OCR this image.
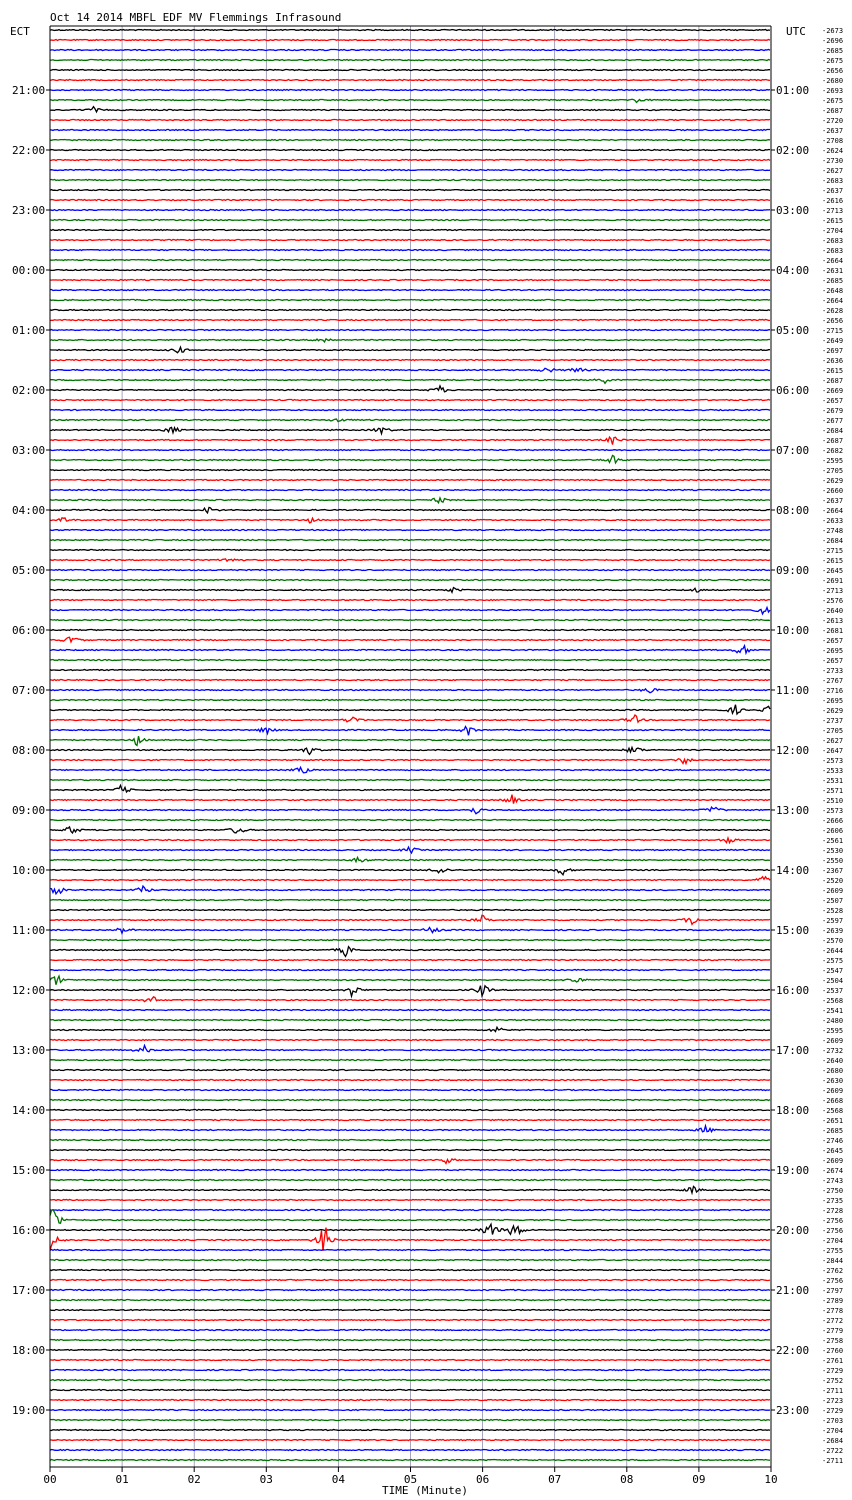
Oct 14 2014 MBFL EDF MV Flemmings Infrasound
ECT	UTC
TIME (Minute)
00	01	02	03	04	05	06	07	08	09	10
21:00
22:00
23:00
00:00
01:00
02:00
03:00
04:00
05:00
06:00
07:00
08:00
09:00
10:00
11:00
12:00
13:00
14:00
15:00
16:00
17:00
18:00
19:00
01:00
02:00
03:00
04:00
05:00
06:00
07:00
08:00
09:00
10:00
11:00
12:00
13:00
14:00
15:00
16:00
17:00
18:00
19:00
20:00
21:00
22:00
23:00
-2673
-2696
-2685
-2675
-2656
-2680
-2693
-2675
-2687
-2720
-2637
-2708
-2624
-2730
-2627
-2683
-2637
-2616
-2713
-2615
-2704
-2683
-2683
-2664
-2631
-2685
-2648
-2664
-2628
-2656
-2715
-2649
-2697
-2636
-2615
-2687
-2669
-2657
-2679
-2677
-2684
-2687
-2682
-2595
-2705
-2629
-2660
-2637
-2664
-2633
-2748
-2684
-2715
-2615
-2645
-2691
-2713
-2576
-2640
-2613
-2681
-2657
-2695
-2657
-2733
-2767
-2716
-2695
-2629
-2737
-2705
-2627
-2647
-2573
-2533
-2531
-2571
-2510
-2573
-2666
-2606
-2561
-2530
-2550
-2367
-2520
-2609
-2507
-2528
-2597
-2639
-2570
-2644
-2575
-2547
-2504
-2537
-2568
-2541
-2480
-2595
-2609
-2732
-2640
-2680
-2630
-2609
-2668
-2568
-2651
-2685
-2746
-2645
-2609
-2674
-2743
-2750
-2735
-2728
-2756
-2756
-2704
-2755
-2844
-2762
-2756
-2797
-2789
-2778
-2772
-2779
-2758
-2760
-2761
-2729
-2752
-2711
-2723
-2729
-2703
-2704
-2684
-2722
-2711
